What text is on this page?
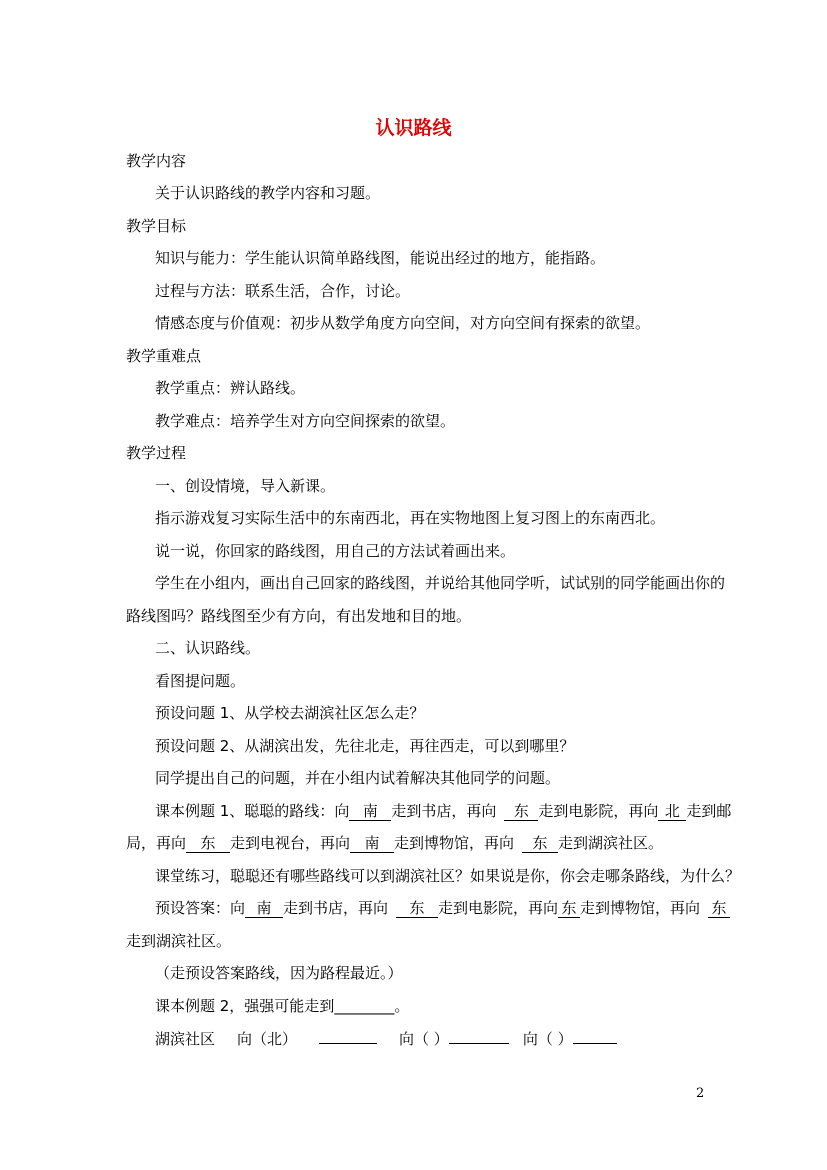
认识路线
教学内容
关于认识路线的教学内容和习题。
教学目标
知识与能力：学生能认识简单路线图，能说出经过的地方，能指路。
过程与方法：联系生活，合作，讨论。
情感态度与价值观：初步从数学角度方向空间，对方向空间有探索的欲望。
教学重难点
教学重点：辨认路线。
教学难点：培养学生对方向空间探索的欲望。
教学过程
一、创设情境，导入新课。
指示游戏复习实际生活中的东南西北，再在实物地图上复习图上的东南西北。
说一说，你回家的路线图，用自己的方法试着画出来。
学生在小组内，画出自己回家的路线图，并说给其他同学听，试试别的同学能画出你的
路线图吗？路线图至少有方向，有出发地和目的地。
二、认识路线。
看图提问题。
预设问题 1、从学校去湖滨社区怎么走？
预设问题 2、从湖滨出发，先往北走，再往西走，可以到哪里？
同学提出自己的问题，并在小组内试着解决其他同学的问题。
课本例题 1、聪聪的路线：向 南 走到书店，再向 东 走到电影院，再向 北 走到邮
局，再向 东 走到电视台，再向 南 走到博物馆，再向 东 走到湖滨社区。
课堂练习，聪聪还有哪些路线可以到湖滨社区？如果说是你，你会走哪条路线，为什么？
预设答案：向 南 走到书店，再向 东 走到电影院，再向 东 走到博物馆，再向 东
走到湖滨社区。
（走预设答案路线，因为路程最近。）
课本例题 2，强强可能走到________。
湖滨社区 向（北）	向（ ）	向（ ）
2
